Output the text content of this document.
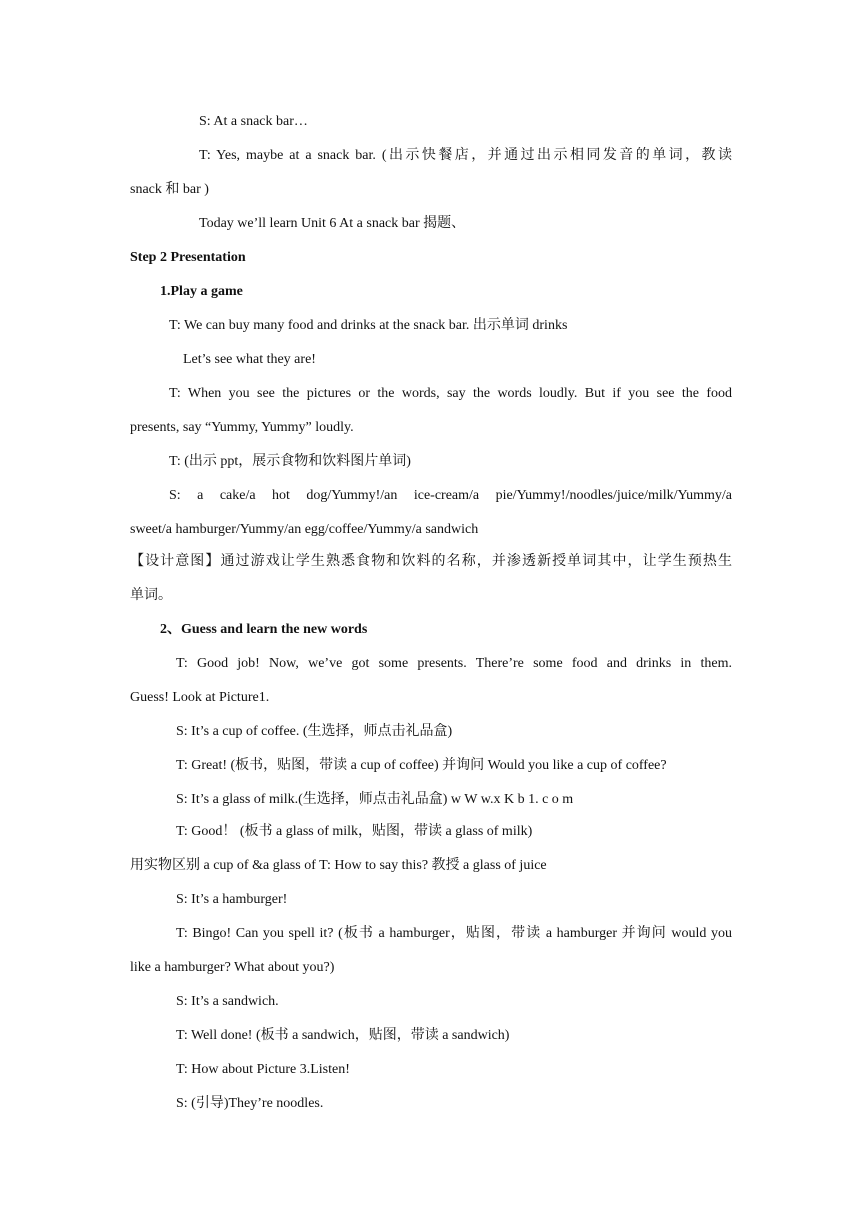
S: At a snack bar…
T: Yes, maybe at a snack bar. (出示快餐店，并通过出示相同发音的单词，教读
snack 和 bar )
Today we’ll learn Unit 6 At a snack bar 揭题、
Step 2 Presentation
1.Play a game
T: We can buy many food and drinks at the snack bar. 出示单词 drinks
Let’s see what they are!
T: When you see the pictures or the words, say the words loudly. But if you see the food
presents, say “Yummy, Yummy” loudly.
T: (出示 ppt，展示食物和饮料图片单词)
S: a cake/a hot dog/Yummy!/an ice-cream/a pie/Yummy!/noodles/juice/milk/Yummy/a
sweet/a hamburger/Yummy/an egg/coffee/Yummy/a sandwich
【设计意图】通过游戏让学生熟悉食物和饮料的名称，并渗透新授单词其中，让学生预热生
单词。
2、Guess and learn the new words
T: Good job! Now, we’ve got some presents. There’re some food and drinks in them.
Guess! Look at Picture1.
S: It’s a cup of coffee. (生选择，师点击礼品盒)
T: Great! (板书，贴图，带读 a cup of coffee) 并询问 Would you like a cup of coffee?
S: It’s a glass of milk.(生选择，师点击礼品盒) w W w.x K b 1. c o m
T: Good！ (板书 a glass of milk，贴图，带读 a glass of milk)
用实物区别 a cup of &a glass of T: How to say this? 教授 a glass of juice
S: It’s a hamburger!
T: Bingo! Can you spell it? (板书 a hamburger，贴图，带读 a hamburger 并询问 would you
like a hamburger? What about you?)
S: It’s a sandwich.
T: Well done! (板书 a sandwich，贴图，带读 a sandwich)
T: How about Picture 3.Listen!
S: (引导)They’re noodles.
